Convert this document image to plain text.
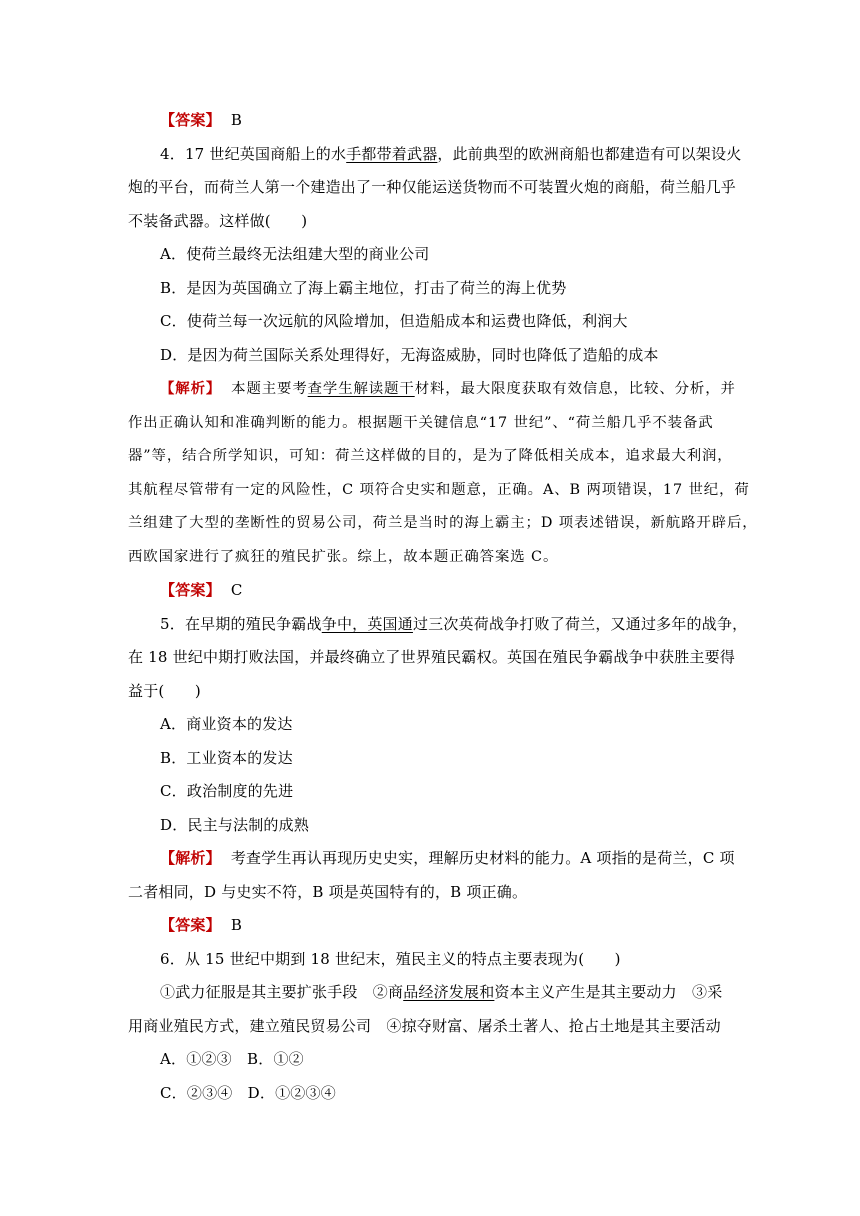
【答案】 B
4．17 世纪英国商船上的水手都带着武器，此前典型的欧洲商船也都建造有可以架设火
炮的平台，而荷兰人第一个建造出了一种仅能运送货物而不可装置火炮的商船，荷兰船几乎
不装备武器。这样做(　　)
A．使荷兰最终无法组建大型的商业公司
B．是因为英国确立了海上霸主地位，打击了荷兰的海上优势
C．使荷兰每一次远航的风险增加，但造船成本和运费也降低，利润大
D．是因为荷兰国际关系处理得好，无海盗威胁，同时也降低了造船的成本
【解析】 本题主要考查学生解读题干材料，最大限度获取有效信息，比较、分析，并
作出正确认知和准确判断的能力。根据题干关键信息“17 世纪”、“荷兰船几乎不装备武
器”等，结合所学知识，可知：荷兰这样做的目的，是为了降低相关成本，追求最大利润，
其航程尽管带有一定的风险性，C 项符合史实和题意，正确。A、B 两项错误，17 世纪，荷
兰组建了大型的垄断性的贸易公司，荷兰是当时的海上霸主；D 项表述错误，新航路开辟后，
西欧国家进行了疯狂的殖民扩张。综上，故本题正确答案选 C。
【答案】 C
5．在早期的殖民争霸战争中，英国通过三次英荷战争打败了荷兰，又通过多年的战争，
在 18 世纪中期打败法国，并最终确立了世界殖民霸权。英国在殖民争霸战争中获胜主要得
益于(　　)
A．商业资本的发达
B．工业资本的发达
C．政治制度的先进
D．民主与法制的成熟
【解析】 考查学生再认再现历史史实，理解历史材料的能力。A 项指的是荷兰，C 项
二者相同，D 与史实不符，B 项是英国特有的，B 项正确。
【答案】 B
6．从 15 世纪中期到 18 世纪末，殖民主义的特点主要表现为(　　)
①武力征服是其主要扩张手段　②商品经济发展和资本主义产生是其主要动力　③采
用商业殖民方式，建立殖民贸易公司　④掠夺财富、屠杀土著人、抢占土地是其主要活动
A．①②③　B．①②
C．②③④　D．①②③④
